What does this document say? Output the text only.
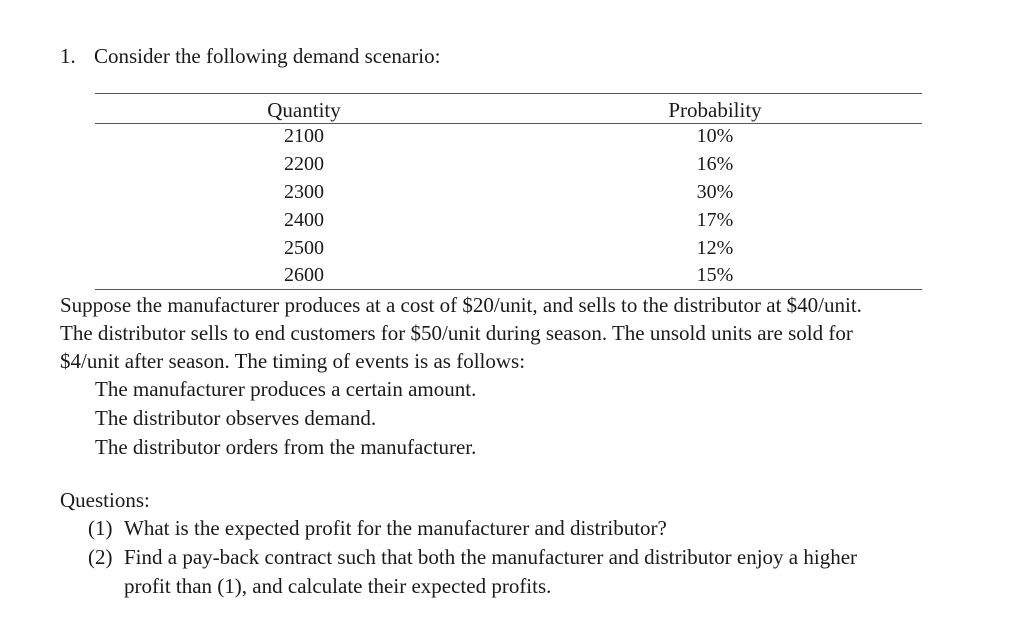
1. Consider the following demand scenario:
Quantity	Probability
2100	10%
2200	16%
2300	30%
2400	17%
2500	12%
2600	15%
Suppose the manufacturer produces at a cost of $20/unit, and sells to the distributor at $40/unit.
The distributor sells to end customers for $50/unit during season. The unsold units are sold for
$4/unit after season. The timing of events is as follows:
The manufacturer produces a certain amount.
The distributor observes demand.
The distributor orders from the manufacturer.
Questions:
(1) What is the expected profit for the manufacturer and distributor?
(2) Find a pay-back contract such that both the manufacturer and distributor enjoy a higher
profit than (1), and calculate their expected profits.
